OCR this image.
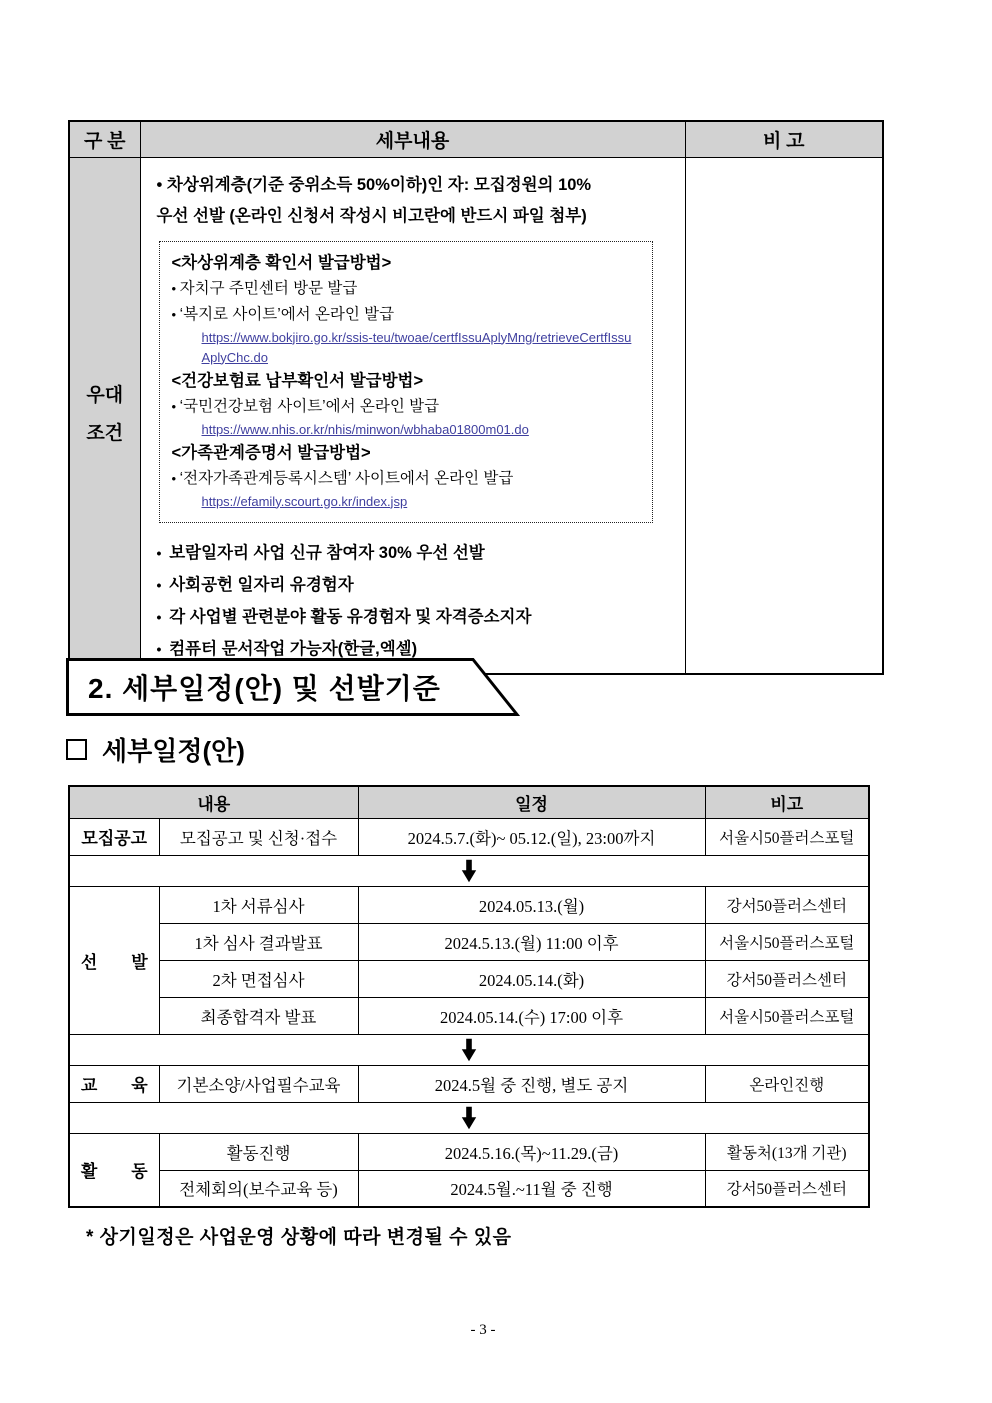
구 분	세부내용	비 고

우대
조건

• 차상위계층(기준 중위소득 50%이하)인 자: 모집정원의 10%
우선 선발 (온라인 신청서 작성시 비고란에 반드시 파일 첨부)
<차상위계층 확인서 발급방법>
• 자치구 주민센터 방문 발급
• ‘복지로 사이트’에서 온라인 발급
https://www.bokjiro.go.kr/ssis-teu/twoae/certfIssuAplyMng/retrieveCertfIssuAplyChc.do
<건강보험료 납부확인서 발급방법>
• ‘국민건강보험 사이트’에서 온라인 발급
https://www.nhis.or.kr/nhis/minwon/wbhaba01800m01.do
<가족관계증명서 발급방법>
• ‘전자가족관계등록시스템’ 사이트에서 온라인 발급
https://efamily.scourt.go.kr/index.jsp
•  보람일자리 사업 신규 참여자 30% 우선 선발
•  사회공헌 일자리 유경험자
•  각 사업별 관련분야 활동 유경험자 및 자격증소지자
•  컴퓨터 문서작업 가능자(한글,엑셀)

2. 세부일정(안) 및 선발기준
세부일정(안)
내용		일정	비고
모집공고	모집공고 및 신청·접수	2024.5.7.(화)~ 05.12.(일), 23:00까지	서울시50플러스포털

선  발	1차 서류심사	2024.05.13.(월)	강서50플러스센터
	1차 심사 결과발표	2024.5.13.(월) 11:00 이후	서울시50플러스포털
	2차 면접심사	2024.05.14.(화)	강서50플러스센터
	최종합격자 발표	2024.05.14.(수) 17:00 이후	서울시50플러스포털

교  육	기본소양/사업필수교육	2024.5월 중 진행, 별도 공지	온라인진행

활  동	활동진행	2024.5.16.(목)~11.29.(금)	활동처(13개 기관)
	전체회의(보수교육 등)	2024.5월.~11월 중 진행	강서50플러스센터
* 상기일정은 사업운영 상황에 따라 변경될 수 있음
- 3 -
